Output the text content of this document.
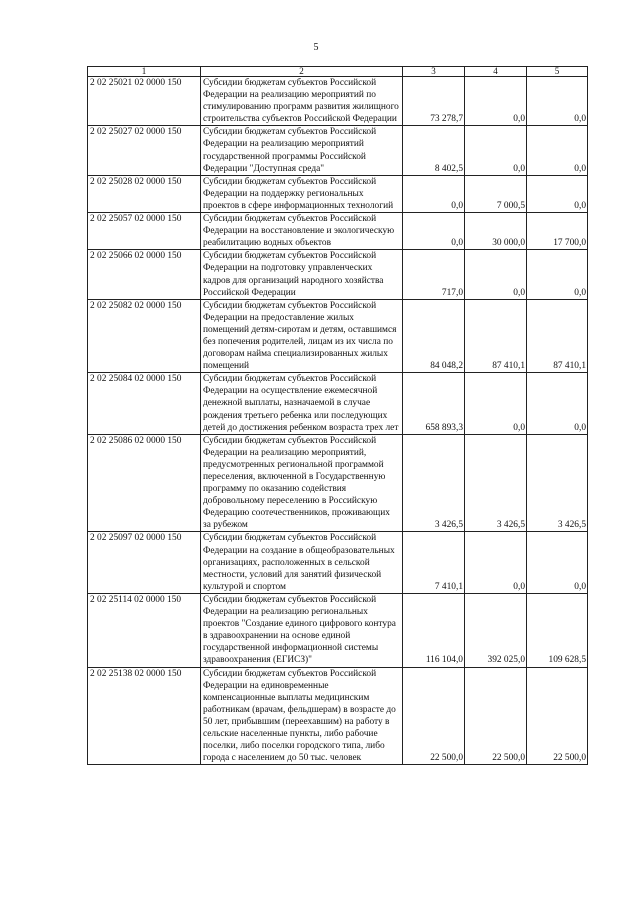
5
1	2	3	4	5
2 02 25021 02 0000 150	Субсидии бюджетам субъектов Российской Федерации на реализацию мероприятий по стимулированию программ развития жилищного строительства субъектов Российской Федерации	73 278,7	0,0	0,0
2 02 25027 02 0000 150	Субсидии бюджетам субъектов Российской Федерации на реализацию мероприятий государственной программы Российской Федерации "Доступная среда"	8 402,5	0,0	0,0
2 02 25028 02 0000 150	Субсидии бюджетам субъектов Российской Федерации на поддержку региональных проектов в сфере информационных технологий	0,0	7 000,5	0,0
2 02 25057 02 0000 150	Субсидии бюджетам субъектов Российской Федерации на восстановление и экологическую реабилитацию водных объектов	0,0	30 000,0	17 700,0
2 02 25066 02 0000 150	Субсидии бюджетам субъектов Российской Федерации на подготовку управленческих кадров для организаций народного хозяйства Российской Федерации	717,0	0,0	0,0
2 02 25082 02 0000 150	Субсидии бюджетам субъектов Российской Федерации на предоставление жилых помещений детям-сиротам и детям, оставшимся без попечения родителей, лицам из их числа по договорам найма специализированных жилых помещений	84 048,2	87 410,1	87 410,1
2 02 25084 02 0000 150	Субсидии бюджетам субъектов Российской Федерации на осуществление ежемесячной денежной выплаты, назначаемой в случае рождения третьего ребенка или последующих детей до достижения ребенком возраста трех лет	658 893,3	0,0	0,0
2 02 25086 02 0000 150	Субсидии бюджетам субъектов Российской Федерации на реализацию мероприятий, предусмотренных региональной программой переселения, включенной в Государственную программу по оказанию содействия добровольному переселению в Российскую Федерацию соотечественников, проживающих за рубежом	3 426,5	3 426,5	3 426,5
2 02 25097 02 0000 150	Субсидии бюджетам субъектов Российской Федерации на создание в общеобразовательных организациях, расположенных в сельской местности, условий для занятий физической культурой и спортом	7 410,1	0,0	0,0
2 02 25114 02 0000 150	Субсидии бюджетам субъектов Российской Федерации на реализацию региональных проектов "Создание единого цифрового контура в здравоохранении на основе единой государственной информационной системы здравоохранения (ЕГИСЗ)"	116 104,0	392 025,0	109 628,5
2 02 25138 02 0000 150	Субсидии бюджетам субъектов Российской Федерации на единовременные компенсационные выплаты медицинским работникам (врачам, фельдшерам) в возрасте до 50 лет, прибывшим (переехавшим) на работу в сельские населенные пункты, либо рабочие поселки, либо поселки городского типа, либо города с населением до 50 тыс. человек	22 500,0	22 500,0	22 500,0
